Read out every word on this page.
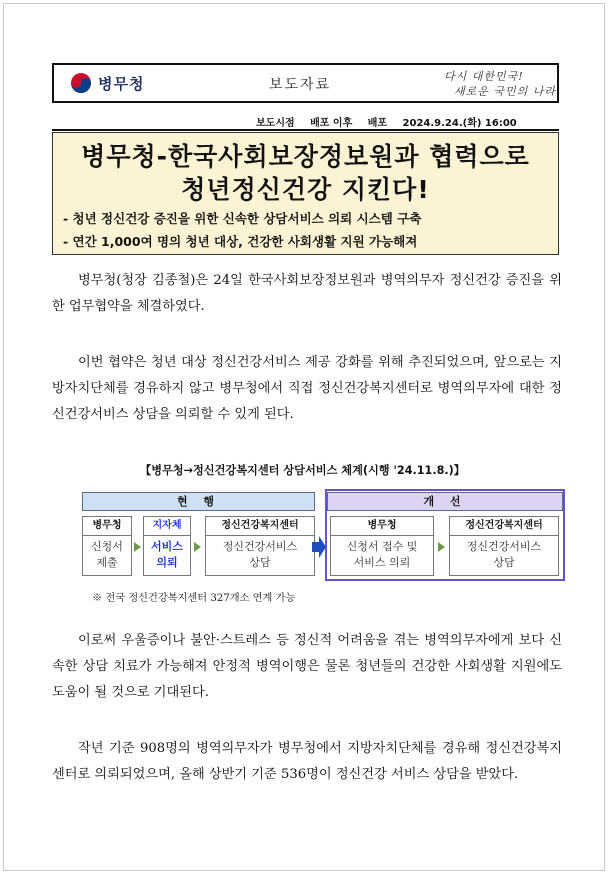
병무청	보도자료
다시 대한민국!
새로운 국민의 나라
보도시점 배포 이후 배포 2024.9.24.(화) 16:00
병무청-한국사회보장정보원과 협력으로
청년정신건강 지킨다!
- 청년 정신건강 증진을 위한 신속한 상담서비스 의뢰 시스템 구축
- 연간 1,000여 명의 청년 대상, 건강한 사회생활 지원 가능해져
병무청(청장 김종철)은 24일 한국사회보장정보원과 병역의무자 정신건강 증진을 위한 업무협약을 체결하였다.
이번 협약은 청년 대상 정신건강서비스 제공 강화를 위해 추진되었으며, 앞으로는 지방자치단체를 경유하지 않고 병무청에서 직접 정신건강복지센터로 병역의무자에 대한 정신건강서비스 상담을 의뢰할 수 있게 된다.
【병무청→정신건강복지센터 상담서비스 체계(시행 '24.11.8.)】
현 행	개 선
병무청
신청서
제출
지자체
서비스
의뢰
정신건강복지센터
정신건강서비스
상담
병무청
신청서 접수 및
서비스 의뢰
정신건강복지센터
정신건강서비스
상담
※ 전국 정신건강복지센터 327개소 연계 가능
이로써 우울증이나 불안·스트레스 등 정신적 어려움을 겪는 병역의무자에게 보다 신속한 상담 치료가 가능해져 안정적 병역이행은 물론 청년들의 건강한 사회생활 지원에도 도움이 될 것으로 기대된다.
작년 기준 908명의 병역의무자가 병무청에서 지방자치단체를 경유해 정신건강복지센터로 의뢰되었으며, 올해 상반기 기준 536명이 정신건강 서비스 상담을 받았다.
